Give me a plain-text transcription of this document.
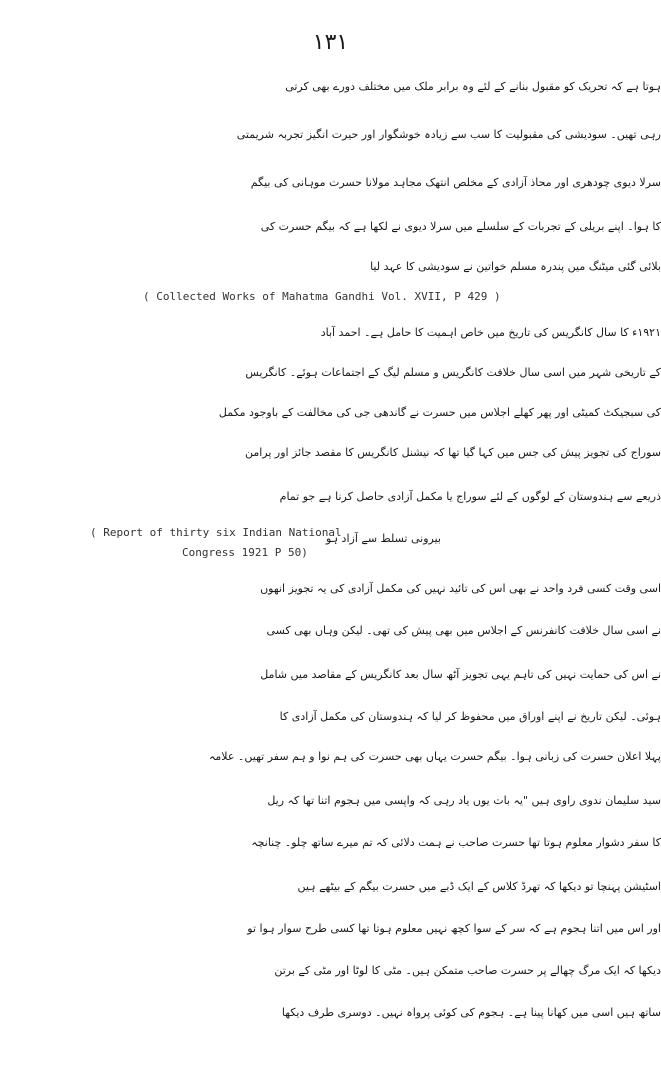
۱۳۱
ہوتا ہے کہ تحریک کو مقبول بنانے کے لئے وہ برابر ملک میں مختلف دورے بھی کرتی
رہی تھیں۔ سودیشی کی مقبولیت کا سب سے زیادہ خوشگوار اور حیرت انگیز تجربہ شریمتی
سرلا دیوی چودھری اور محاذ آزادی کے مخلص انتھک مجاہد مولانا حسرت موہانی کی بیگم
کا ہوا۔ اپنے بریلی کے تجربات کے سلسلے میں سرلا دیوی نے لکھا ہے کہ بیگم حسرت کی
بلائی گئی میٹنگ میں پندرہ مسلم خواتین نے سودیشی کا عہد لیا
( Collected Works of Mahatma Gandhi Vol. XVII, P 429 )
۱۹۲۱ء کا سال کانگریس کی تاریخ میں خاص اہمیت کا حامل ہے۔ احمد آباد
کے تاریخی شہر میں اسی سال خلافت کانگریس و مسلم لیگ کے اجتماعات ہوئے۔ کانگریس
کی سبجیکٹ کمیٹی اور پھر کھلے اجلاس میں حسرت نے گاندھی جی کی مخالفت کے باوجود مکمل
سوراج کی تجویز پیش کی جس میں کہا گیا تھا کہ نیشنل کانگریس کا مقصد جائز اور پرامن
ذریعے سے ہندوستان کے لوگوں کے لئے سوراج یا مکمل آزادی حاصل کرنا ہے جو تمام
بیرونی تسلط سے آزاد ہو
( Report of thirty six Indian National
Congress 1921 P 50)
اسی وقت کسی فرد واحد نے بھی اس کی تائید نہیں کی مکمل آزادی کی یہ تجویز انھوں
نے اسی سال خلافت کانفرنس کے اجلاس میں بھی پیش کی تھی۔ لیکن وہاں بھی کسی
نے اس کی حمایت نہیں کی تاہم یہی تجویز آٹھ سال بعد کانگریس کے مقاصد میں شامل
ہوئی۔ لیکن تاریخ نے اپنے اوراق میں محفوظ کر لیا کہ ہندوستان کی مکمل آزادی کا
پہلا اعلان حسرت کی زبانی ہوا۔ بیگم حسرت یہاں بھی حسرت کی ہم نوا و ہم سفر تھیں۔ علامہ
سید سلیمان ندوی راوی ہیں "یہ بات یوں یاد رہی کہ واپسی میں ہجوم اتنا تھا کہ ریل
کا سفر دشوار معلوم ہوتا تھا حسرت صاحب نے ہمت دلائی کہ تم میرے ساتھ چلو۔ چنانچہ
اسٹیشن پہنچا تو دیکھا کہ تھرڈ کلاس کے ایک ڈبے میں حسرت بیگم کے بیٹھے ہیں
اور اس میں اتنا ہجوم ہے کہ سر کے سوا کچھ نہیں معلوم ہوتا تھا کسی طرح سوار ہوا تو
دیکھا کہ ایک مرگ چھالے پر حسرت صاحب متمکن ہیں۔ مٹی کا لوٹا اور مٹی کے برتن
ساتھ ہیں اسی میں کھانا پینا ہے۔ ہجوم کی کوئی پرواہ نہیں۔ دوسری طرف دیکھا
